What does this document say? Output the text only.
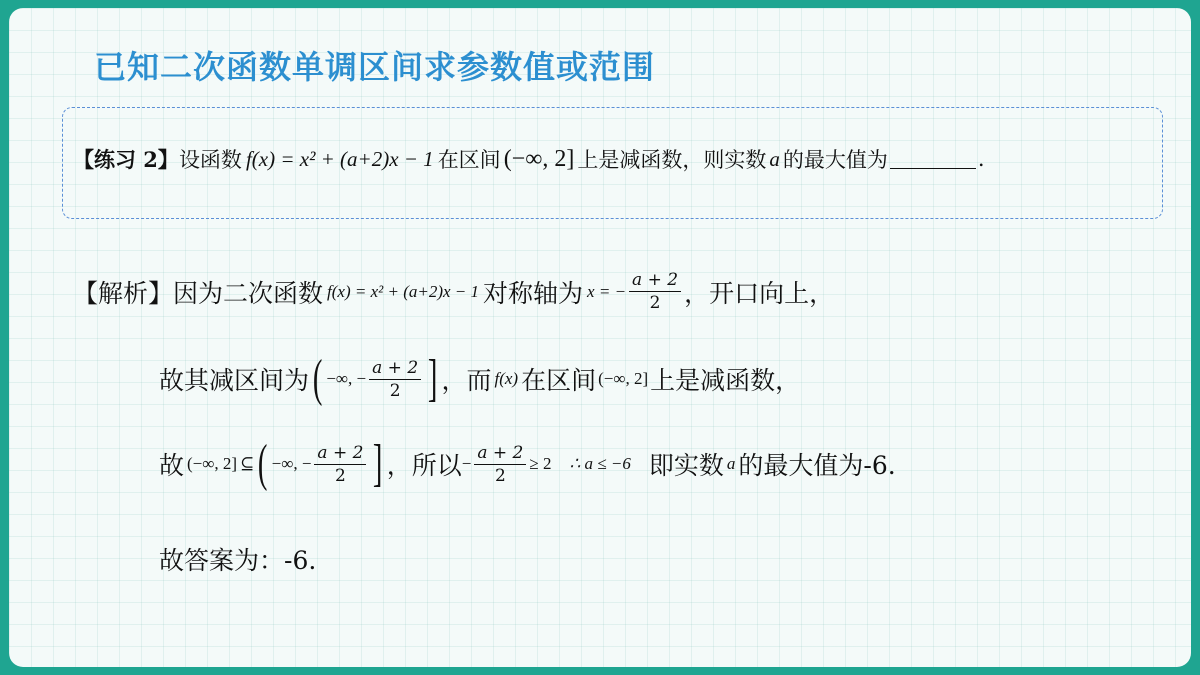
已知二次函数单调区间求参数值或范围
【练习 2】 设函数 f(x) = x² + (a+2)x − 1 在区间 (−∞, 2] 上是减函数，则实数 a 的最大值为	.
【解析】 因为二次函数 f(x) = x² + (a+2)x − 1 对称轴为 x = − $\frac{a + 2}{2}$ ，开口向上，
故其减区间为 ( −∞, − $\frac{a + 2}{2}$ ] ，而 f(x) 在区间 (−∞, 2] 上是减函数，
故 (−∞, 2] ⊆ ( −∞, − $\frac{a + 2}{2}$ ] ，所以 − $\frac{a + 2}{2} \ge 2$ ∴ a ≤ −6 即实数 a 的最大值为-6.
故答案为：-6.
